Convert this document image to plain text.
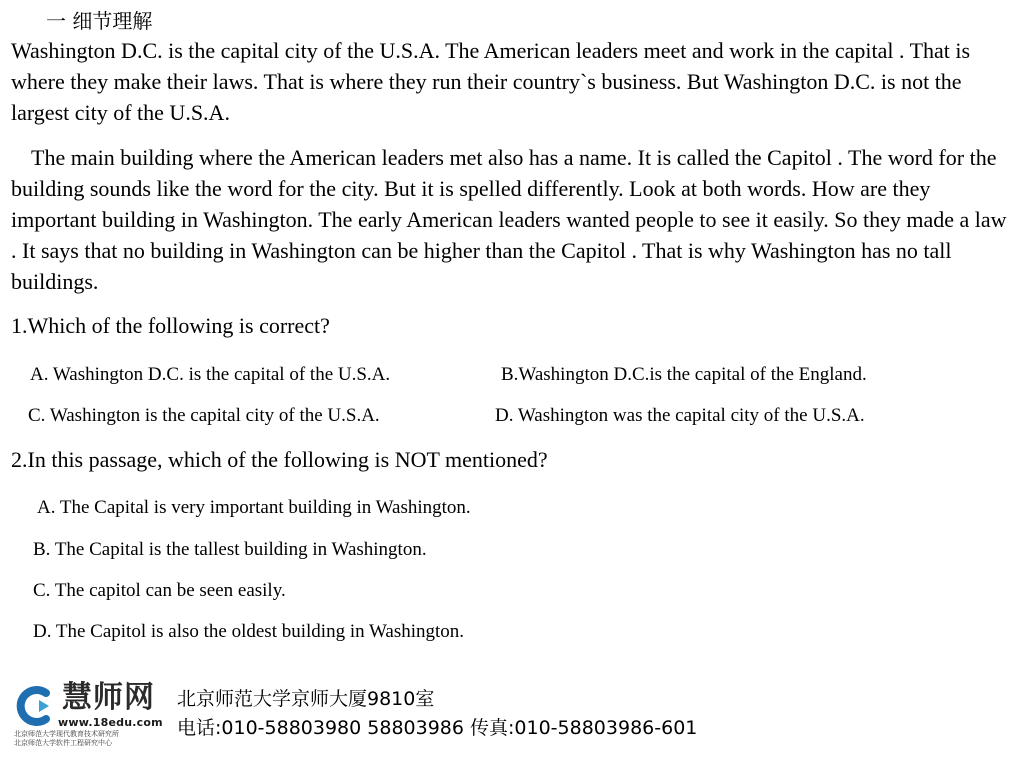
一 细节理解

Washington D.C. is the capital city of the U.S.A. The American leaders meet and work in the capital . That is where they make their laws. That is where they run their country`s business. But Washington D.C. is not the largest city of the U.S.A.

The main building where the American leaders met also has a name. It is called the Capitol . The word for the building sounds like the word for the city. But it is spelled differently. Look at both words. How are they important building in Washington. The early American leaders wanted people to see it easily. So they made a law . It says that no building in Washington can be higher than the Capitol . That is why Washington has no tall buildings.

1.Which of the following is correct?
A. Washington D.C. is the capital of the U.S.A.	B.Washington D.C.is the capital of the England.
C. Washington is the capital city of the U.S.A.	D. Washington was the capital city of the U.S.A.
2.In this passage, which of the following is NOT mentioned?
A. The Capital is very important building in Washington.
B. The Capital is the tallest building in Washington.
C. The capitol can be seen easily.
D. The Capitol is also the oldest building in Washington.
慧师网
www.18edu.com
北京师范大学现代教育技术研究所
北京师范大学软件工程研究中心
北京师范大学京师大厦9810室
电话:010-58803980 58803986 传真:010-58803986-601
